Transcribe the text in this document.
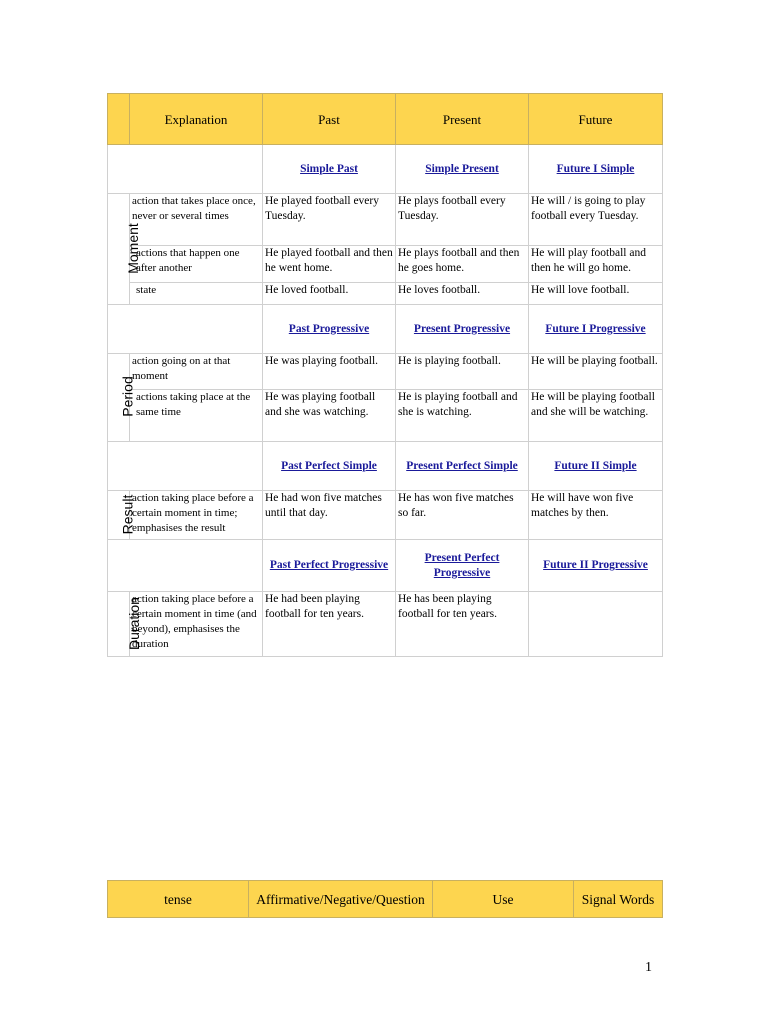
	Explanation	Past	Present	Future
		Simple Past	Simple Present	Future I Simple
Moment	action that takes place once, never or several times	He played football every Tuesday.	He plays football every Tuesday.	He will / is going to play football every Tuesday.
	actions that happen one after another	He played football and then he went home.	He plays football and then he goes home.	He will play football and then he will go home.
	state	He loved football.	He loves football.	He will love football.
		Past Progressive	Present Progressive	Future I Progressive
Period	action going on at that moment	He was playing football.	He is playing football.	He will be playing football.
	actions taking place at the same time	He was playing football and she was watching.	He is playing football and she is watching.	He will be playing football and she will be watching.
		Past Perfect Simple	Present Perfect Simple	Future II Simple
Result	action taking place before a certain moment in time; emphasises the result	He had won five matches until that day.	He has won five matches so far.	He will have won five matches by then.
		Past Perfect Progressive	Present Perfect Progressive	Future II Progressive
Duration	action taking place before a certain moment in time (and beyond), emphasises the duration	He had been playing football for ten years.	He has been playing football for ten years.	
tense	Affirmative/Negative/Question	Use	Signal Words
1
